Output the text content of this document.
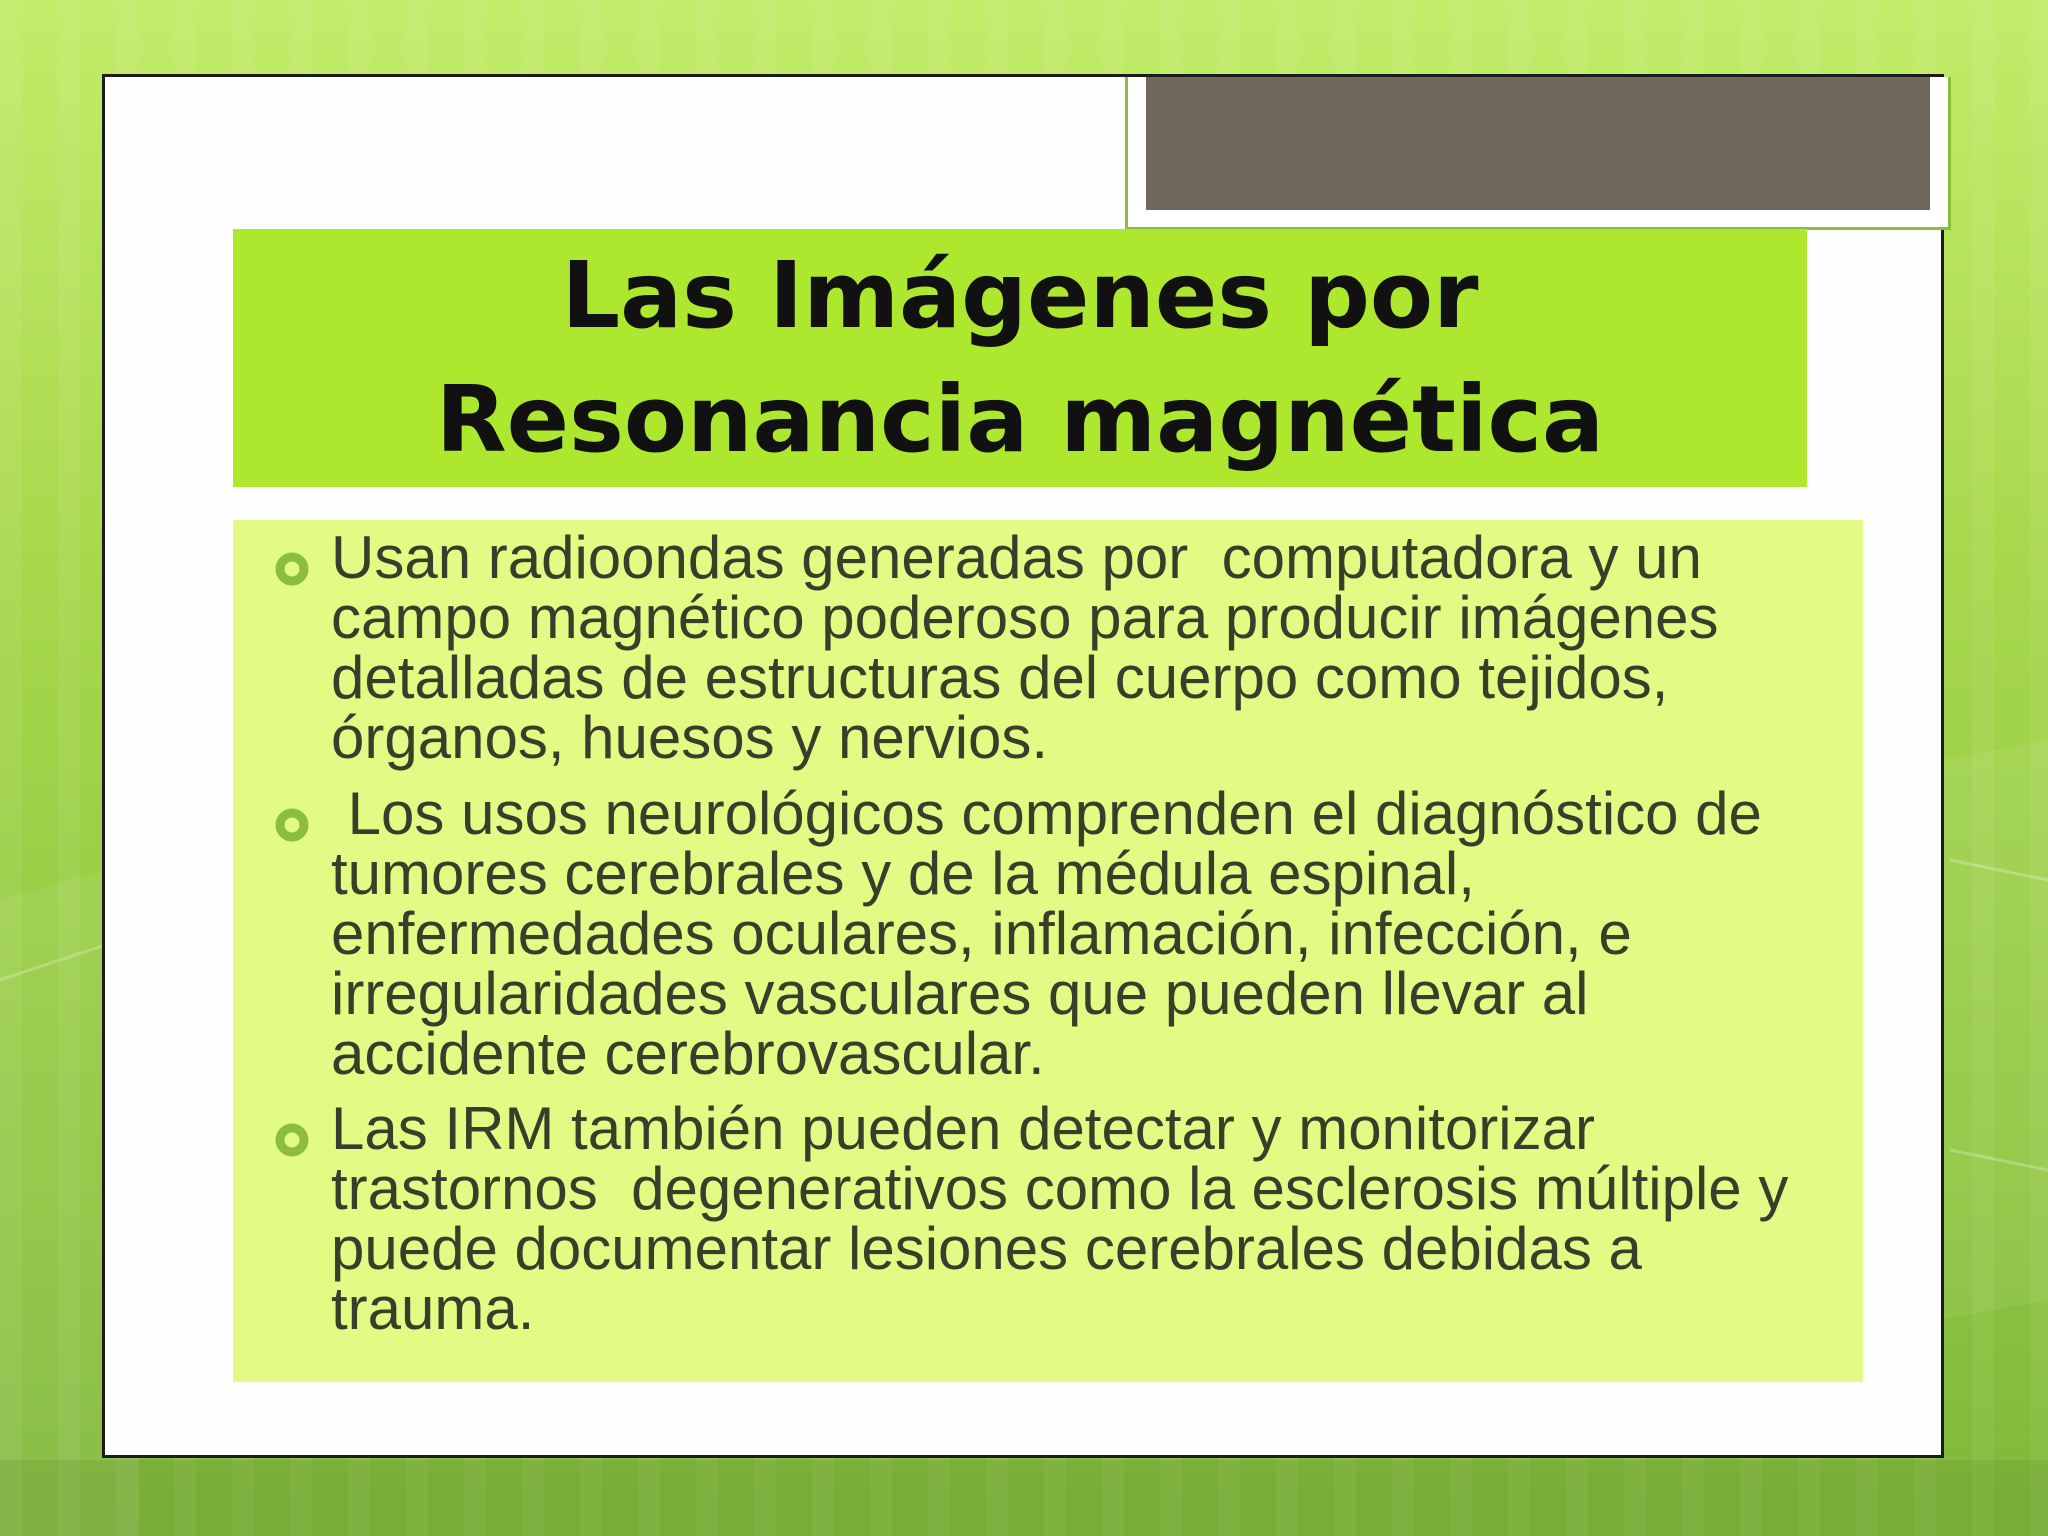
Las Imágenes por Resonancia magnética

Usan radioondas generadas por  computadora y un campo magnético poderoso para producir imágenes detalladas de estructuras del cuerpo como tejidos, órganos, huesos y nervios.

Los usos neurológicos comprenden el diagnóstico de tumores cerebrales y de la médula espinal, enfermedades oculares, inflamación, infección, e irregularidades vasculares que pueden llevar al accidente cerebrovascular.

Las IRM también pueden detectar y monitorizar trastornos  degenerativos como la esclerosis múltiple y puede documentar lesiones cerebrales debidas a trauma.
